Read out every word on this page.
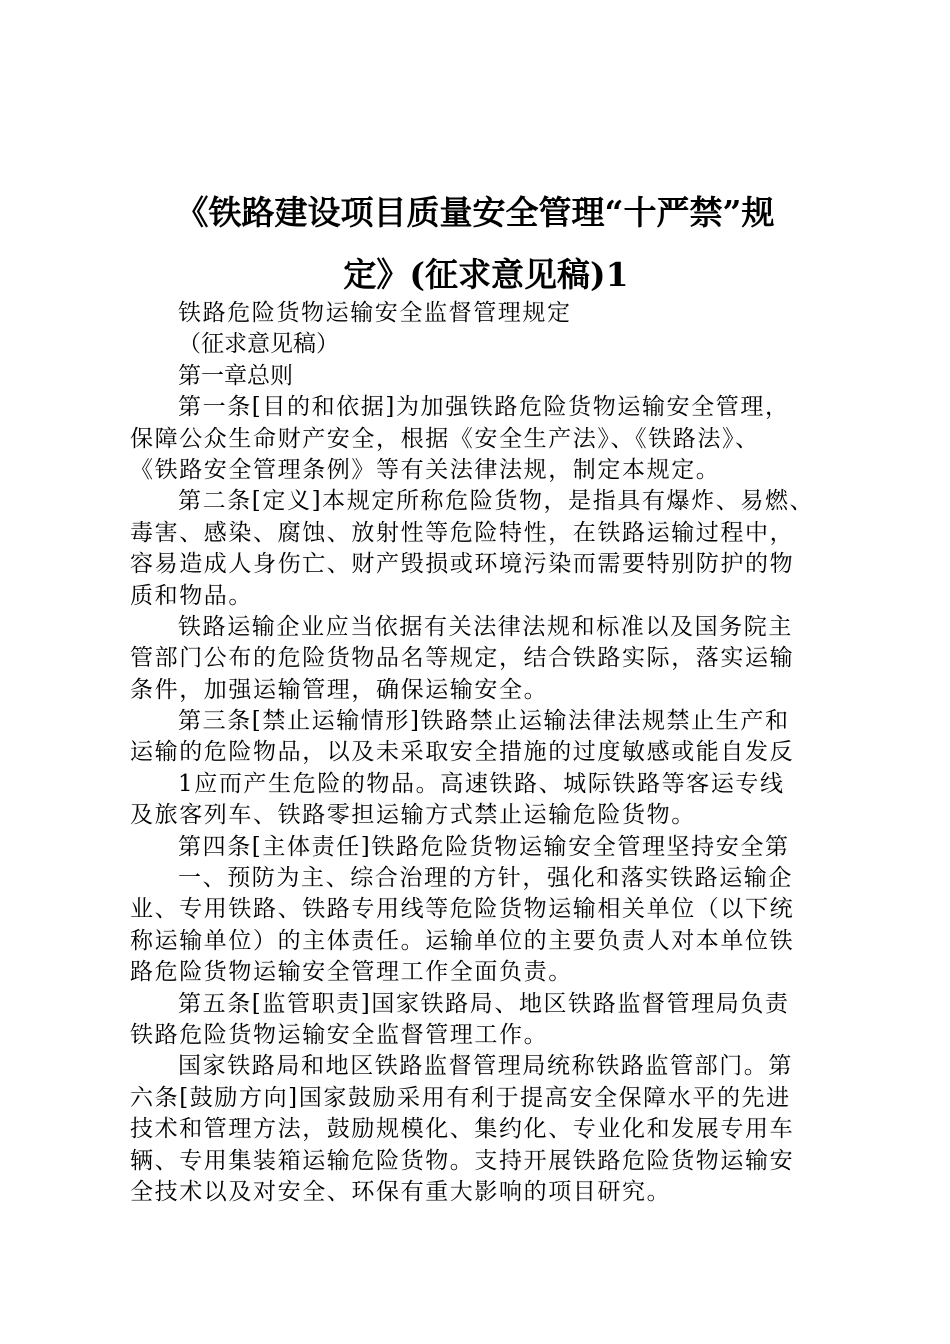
《铁路建设项目质量安全管理“十严禁”规
定》(征求意见稿)1
铁路危险货物运输安全监督管理规定
（征求意见稿）
第一章总则
第一条[目的和依据]为加强铁路危险货物运输安全管理，
保障公众生命财产安全，根据《安全生产法》、《铁路法》、
《铁路安全管理条例》等有关法律法规，制定本规定。
第二条[定义]本规定所称危险货物，是指具有爆炸、易燃、
毒害、感染、腐蚀、放射性等危险特性，在铁路运输过程中，
容易造成人身伤亡、财产毁损或环境污染而需要特别防护的物
质和物品。
铁路运输企业应当依据有关法律法规和标准以及国务院主
管部门公布的危险货物品名等规定，结合铁路实际，落实运输
条件，加强运输管理，确保运输安全。
第三条[禁止运输情形]铁路禁止运输法律法规禁止生产和
运输的危险物品，以及未采取安全措施的过度敏感或能自发反
1应而产生危险的物品。高速铁路、城际铁路等客运专线
及旅客列车、铁路零担运输方式禁止运输危险货物。
第四条[主体责任]铁路危险货物运输安全管理坚持安全第
一、预防为主、综合治理的方针，强化和落实铁路运输企
业、专用铁路、铁路专用线等危险货物运输相关单位（以下统
称运输单位）的主体责任。运输单位的主要负责人对本单位铁
路危险货物运输安全管理工作全面负责。
第五条[监管职责]国家铁路局、地区铁路监督管理局负责
铁路危险货物运输安全监督管理工作。
国家铁路局和地区铁路监督管理局统称铁路监管部门。第
六条[鼓励方向]国家鼓励采用有利于提高安全保障水平的先进
技术和管理方法，鼓励规模化、集约化、专业化和发展专用车
辆、专用集装箱运输危险货物。支持开展铁路危险货物运输安
全技术以及对安全、环保有重大影响的项目研究。
